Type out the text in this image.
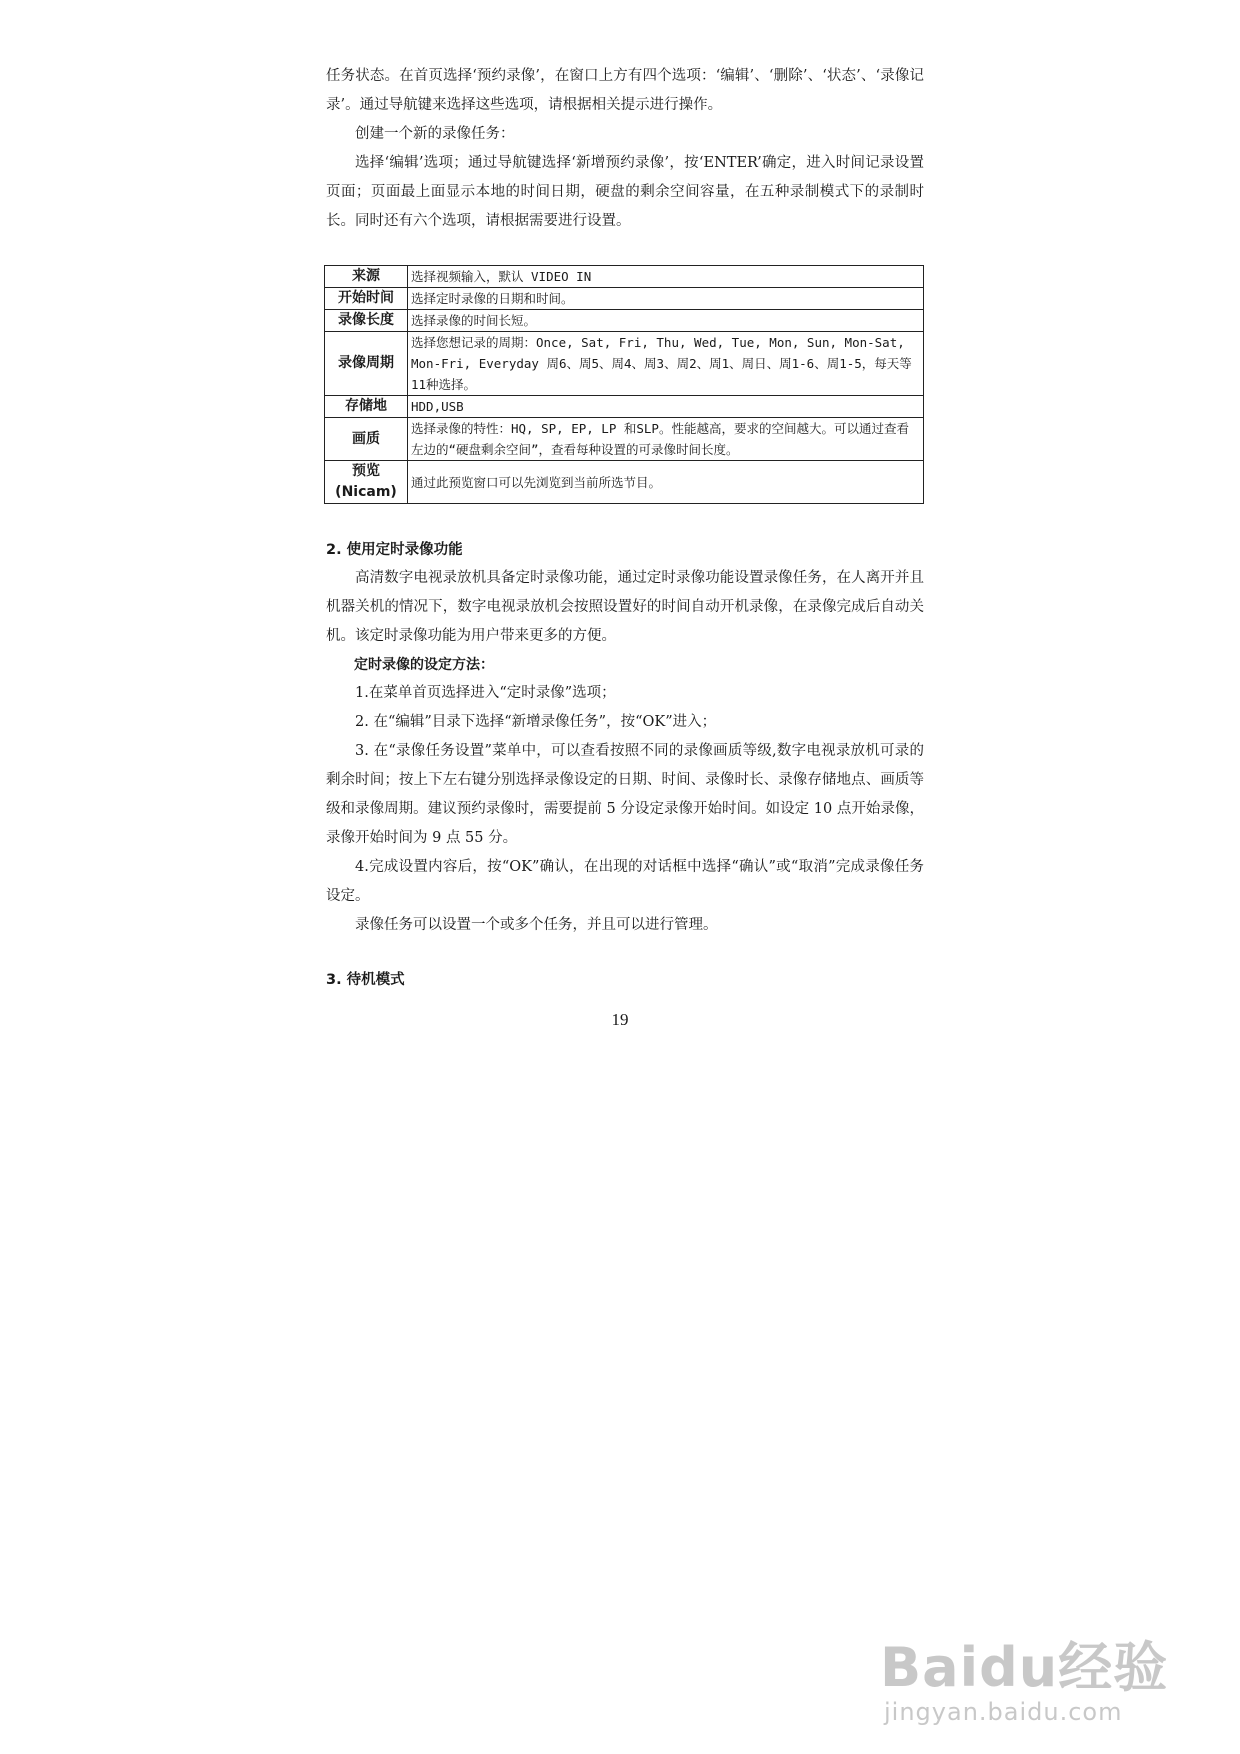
任务状态。在首页选择‘预约录像’，在窗口上方有四个选项：‘编辑’、‘删除’、‘状态’、‘录像记录’。通过导航键来选择这些选项，请根据相关提示进行操作。

创建一个新的录像任务：

选择‘编辑’选项；通过导航键选择‘新增预约录像’，按‘ENTER’确定，进入时间记录设置页面；页面最上面显示本地的时间日期，硬盘的剩余空间容量，在五种录制模式下的录制时长。同时还有六个选项，请根据需要进行设置。

来源	选择视频输入，默认 VIDEO IN
开始时间	选择定时录像的日期和时间。
录像长度	选择录像的时间长短。
录像周期	选择您想记录的周期：Once, Sat, Fri, Thu, Wed, Tue, Mon, Sun, Mon-Sat, Mon-Fri, Everyday 周6、周5、周4、周3、周2、周1、周日、周1-6、周1-5，每天等11种选择。
存储地	HDD,USB
画质	选择录像的特性：HQ, SP, EP, LP 和SLP。性能越高，要求的空间越大。可以通过查看左边的“硬盘剩余空间”，查看每种设置的可录像时间长度。
预览
(Nicam)	通过此预览窗口可以先浏览到当前所选节目。
2. 使用定时录像功能

高清数字电视录放机具备定时录像功能，通过定时录像功能设置录像任务，在人离开并且机器关机的情况下，数字电视录放机会按照设置好的时间自动开机录像，在录像完成后自动关机。该定时录像功能为用户带来更多的方便。

定时录像的设定方法：

1.在菜单首页选择进入“定时录像”选项；

2. 在“编辑”目录下选择“新增录像任务”，按“OK”进入；

3. 在“录像任务设置”菜单中，可以查看按照不同的录像画质等级,数字电视录放机可录的剩余时间；按上下左右键分别选择录像设定的日期、时间、录像时长、录像存储地点、画质等级和录像周期。建议预约录像时，需要提前 5 分设定录像开始时间。如设定 10 点开始录像，录像开始时间为 9 点 55 分。

4.完成设置内容后，按“OK”确认，在出现的对话框中选择“确认”或“取消”完成录像任务设定。

录像任务可以设置一个或多个任务，并且可以进行管理。

3. 待机模式
19
Baidu经验
jingyan.baidu.com
